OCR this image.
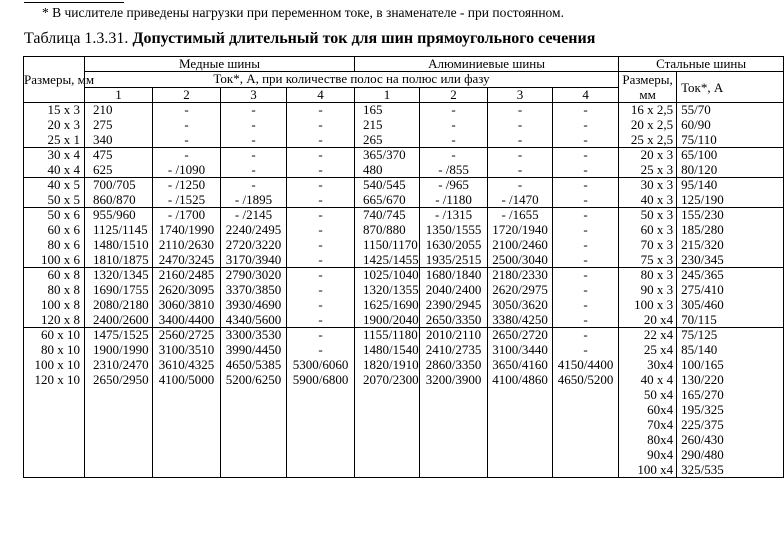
* В числителе приведены нагрузки при переменном токе, в знаменателе - при постоянном.
Таблица 1.3.31. Допустимый длительный ток для шин прямоугольного сечения
Размеры, мм	Медные шины				Алюминиевые шины				Стальные шины	
	Ток*, А, при количестве полос на полюс или фазу								Размеры, мм	Ток*, А
	1	2	3	4	1	2	3	4		
15 x 3	210	-	-	-	165	-	-	-	16 x 2,5	55/70
20 x 3	275	-	-	-	215	-	-	-	20 x 2,5	60/90
25 x 1	340	-	-	-	265	-	-	-	25 x 2,5	75/110
30 x 4	475	-	-	-	365/370	-	-	-	20 x 3	65/100
40 x 4	625	- /1090	-	-	480	- /855	-	-	25 x 3	80/120
40 x 5	700/705	- /1250	-	-	540/545	- /965	-	-	30 x 3	95/140
50 x 5	860/870	- /1525	- /1895	-	665/670	- /1180	- /1470	-	40 x 3	125/190
50 x 6	955/960	- /1700	- /2145	-	740/745	- /1315	- /1655	-	50 x 3	155/230
60 x 6	1125/1145	1740/1990	2240/2495	-	870/880	1350/1555	1720/1940	-	60 x 3	185/280
80 x 6	1480/1510	2110/2630	2720/3220	-	1150/1170	1630/2055	2100/2460	-	70 x 3	215/320
100 x 6	1810/1875	2470/3245	3170/3940	-	1425/1455	1935/2515	2500/3040	-	75 x 3	230/345
60 x 8	1320/1345	2160/2485	2790/3020	-	1025/1040	1680/1840	2180/2330	-	80 x 3	245/365
80 x 8	1690/1755	2620/3095	3370/3850	-	1320/1355	2040/2400	2620/2975	-	90 x 3	275/410
100 x 8	2080/2180	3060/3810	3930/4690	-	1625/1690	2390/2945	3050/3620	-	100 x 3	305/460
120 x 8	2400/2600	3400/4400	4340/5600	-	1900/2040	2650/3350	3380/4250	-	20 x4	70/115
60 x 10	1475/1525	2560/2725	3300/3530	-	1155/1180	2010/2110	2650/2720	-	22 x4	75/125
80 x 10	1900/1990	3100/3510	3990/4450	-	1480/1540	2410/2735	3100/3440	-	25 x4	85/140
100 x 10	2310/2470	3610/4325	4650/5385	5300/6060	1820/1910	2860/3350	3650/4160	4150/4400	30x4	100/165
120 x 10	2650/2950	4100/5000	5200/6250	5900/6800	2070/2300	3200/3900	4100/4860	4650/5200	40 x 4	130/220
									50 x4	165/270
									60x4	195/325
									70x4	225/375
									80x4	260/430
									90x4	290/480
									100 x4	325/535
